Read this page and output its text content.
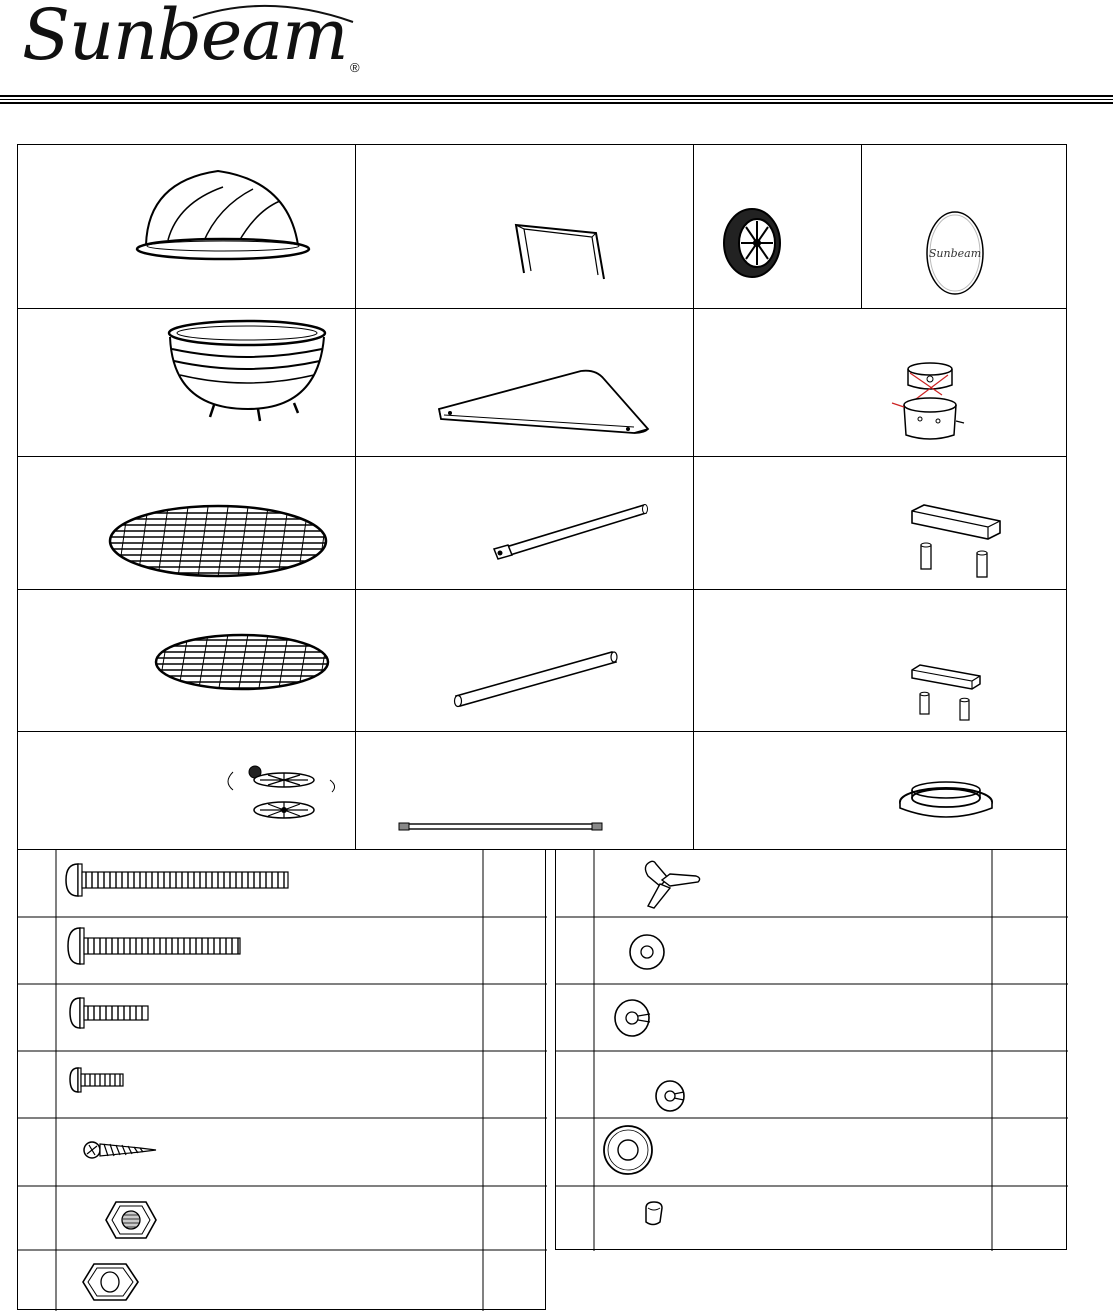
Sunbeam ®
Sunbeam
